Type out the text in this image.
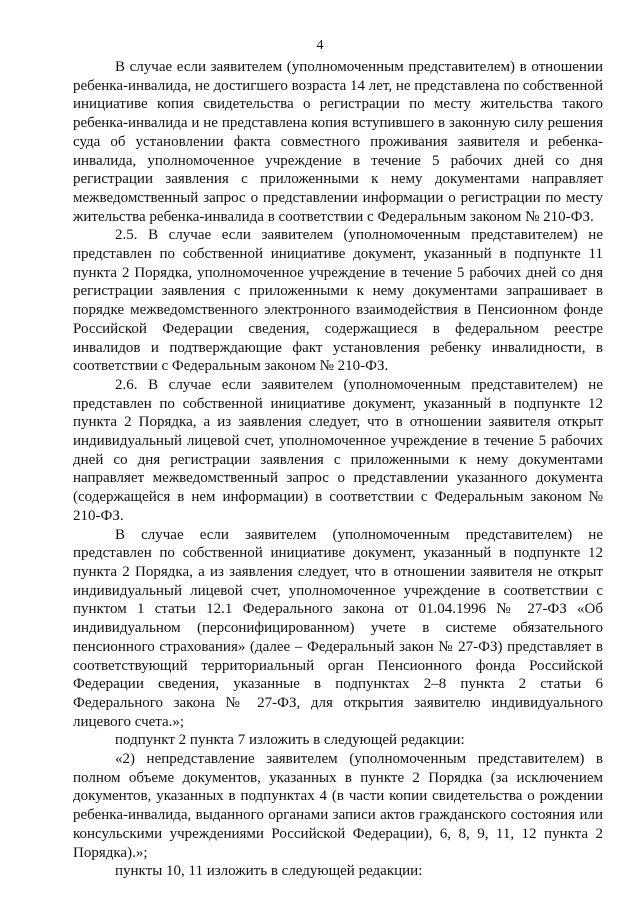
4

В случае если заявителем (уполномоченным представителем) в отношении ребенка-инвалида, не достигшего возраста 14 лет, не представлена по собственной инициативе копия свидетельства о регистрации по месту жительства такого ребенка-инвалида и не представлена копия вступившего в законную силу решения суда об установлении факта совместного проживания заявителя и ребенка-инвалида, уполномоченное учреждение в течение 5 рабочих дней со дня регистрации заявления с приложенными к нему документами направляет межведомственный запрос о представлении информации о регистрации по месту жительства ребенка-инвалида в соответствии с Федеральным законом № 210-ФЗ.

2.5. В случае если заявителем (уполномоченным представителем) не представлен по собственной инициативе документ, указанный в подпункте 11 пункта 2 Порядка, уполномоченное учреждение в течение 5 рабочих дней со дня регистрации заявления с приложенными к нему документами запрашивает в порядке межведомственного электронного взаимодействия в Пенсионном фонде Российской Федерации сведения, содержащиеся в федеральном реестре инвалидов и подтверждающие факт установления ребенку инвалидности, в соответствии с Федеральным законом № 210-ФЗ.

2.6. В случае если заявителем (уполномоченным представителем) не представлен по собственной инициативе документ, указанный в подпункте 12 пункта 2 Порядка, а из заявления следует, что в отношении заявителя открыт индивидуальный лицевой счет, уполномоченное учреждение в течение 5 рабочих дней со дня регистрации заявления с приложенными к нему документами направляет межведомственный запрос о представлении указанного документа (содержащейся в нем информации) в соответствии с Федеральным законом № 210-ФЗ.

В случае если заявителем (уполномоченным представителем) не представлен по собственной инициативе документ, указанный в подпункте 12 пункта 2 Порядка, а из заявления следует, что в отношении заявителя не открыт индивидуальный лицевой счет, уполномоченное учреждение в соответствии с пунктом 1 статьи 12.1 Федерального закона от 01.04.1996 № 27-ФЗ «Об индивидуальном (персонифицированном) учете в системе обязательного пенсионного страхования» (далее – Федеральный закон № 27-ФЗ) представляет в соответствующий территориальный орган Пенсионного фонда Российской Федерации сведения, указанные в подпунктах 2–8 пункта 2 статьи 6 Федерального закона № 27-ФЗ, для открытия заявителю индивидуального лицевого счета.»;

подпункт 2 пункта 7 изложить в следующей редакции:

«2) непредставление заявителем (уполномоченным представителем) в полном объеме документов, указанных в пункте 2 Порядка (за исключением документов, указанных в подпунктах 4 (в части копии свидетельства о рождении ребенка-инвалида, выданного органами записи актов гражданского состояния или консульскими учреждениями Российской Федерации), 6, 8, 9, 11, 12 пункта 2 Порядка).»;

пункты 10, 11 изложить в следующей редакции:
